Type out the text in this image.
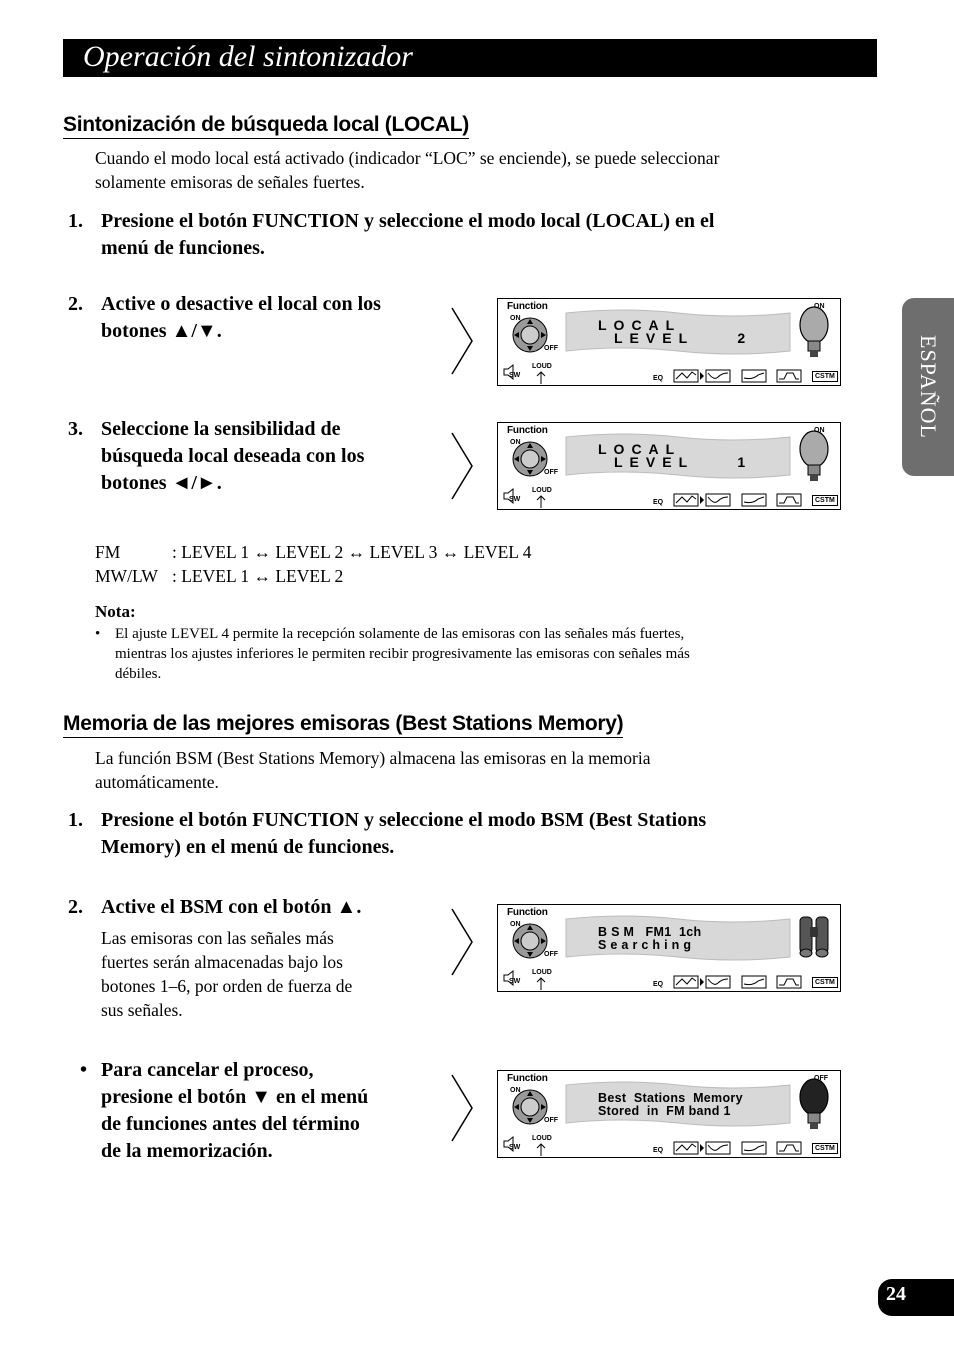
Operación del sintonizador
ESPAÑOL
Sintonización de búsqueda local (LOCAL)
Cuando el modo local está activado (indicador “LOC” se enciende), se puede seleccionar
solamente emisoras de señales fuertes.
1. Presione el botón FUNCTION y seleccione el modo local (LOCAL) en el
menú de funciones.
2. Active o desactive el local con los
botones ▲/▼.
3. Seleccione la sensibilidad de
búsqueda local deseada con los
botones ◄/►.
FM	: LEVEL 1 ↔ LEVEL 2 ↔ LEVEL 3 ↔ LEVEL 4
MW/LW : LEVEL 1 ↔ LEVEL 2
Nota:
• El ajuste LEVEL 4 permite la recepción solamente de las emisoras con las señales más fuertes,
mientras los ajustes inferiores le permiten recibir progresivamente las emisoras con señales más
débiles.
Memoria de las mejores emisoras (Best Stations Memory)
La función BSM (Best Stations Memory) almacena las emisoras en la memoria
automáticamente.
1. Presione el botón FUNCTION y seleccione el modo BSM (Best Stations
Memory) en el menú de funciones.
2. Active el BSM con el botón ▲.
Las emisoras con las señales más
fuertes serán almacenadas bajo los
botones 1–6, por orden de fuerza de
sus señales.
• Para cancelar el proceso,
presione el botón ▼ en el menú
de funciones antes del término
de la memorización.
Function
ON
OFF
LOCAL
LEVEL    2
ON
SW
LOUD
EQ	CSTM
Function
ON
OFF
LOCAL
LEVEL    1
ON
SW
LOUD
EQ	CSTM
Function
ON
OFF
B S M   FM1  1ch
S e a r c h i n g
SW
LOUD
EQ	CSTM
Function
ON
OFF
Best  Stations  Memory
Stored  in  FM band 1
OFF
SW
LOUD
EQ	CSTM
24
